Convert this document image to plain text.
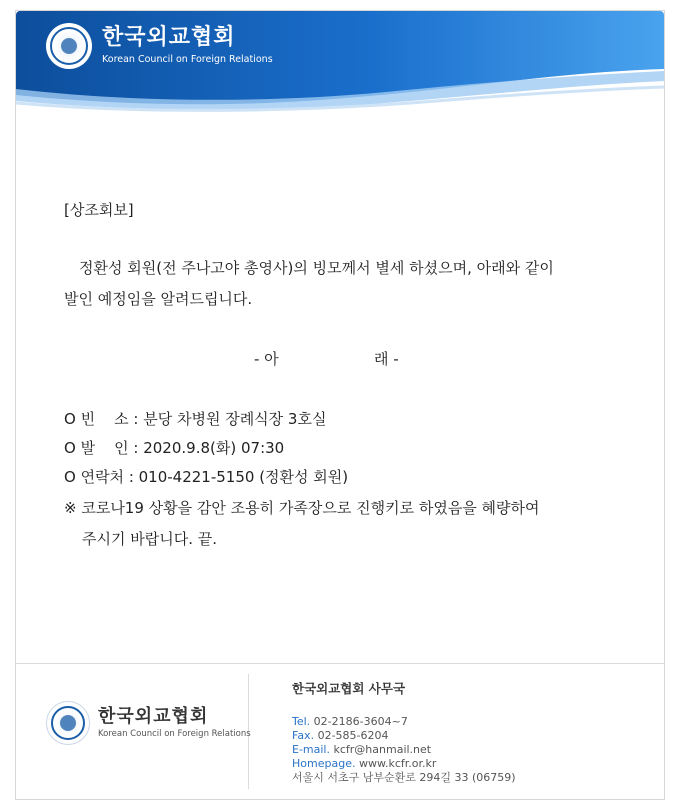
한국외교협회
Korean Council on Foreign Relations
[상조회보]
정환성 회원(전 주나고야 총영사)의 빙모께서 별세 하셨으며, 아래와 같이
발인 예정임을 알려드립니다.
- 아	래 -
O 빈    소 : 분당 차병원 장례식장 3호실
O 발    인 : 2020.9.8(화) 07:30
O 연락처 : 010-4221-5150 (정환성 회원)
※ 코로나19 상황을 감안 조용히 가족장으로 진행키로 하였음을 혜량하여
주시기 바랍니다. 끝.
한국외교협회
Korean Council on Foreign Relations
한국외교협회 사무국
Tel. 02-2186-3604~7
Fax. 02-585-6204
E-mail. kcfr@hanmail.net
Homepage. www.kcfr.or.kr
서울시 서초구 남부순환로 294길 33 (06759)
